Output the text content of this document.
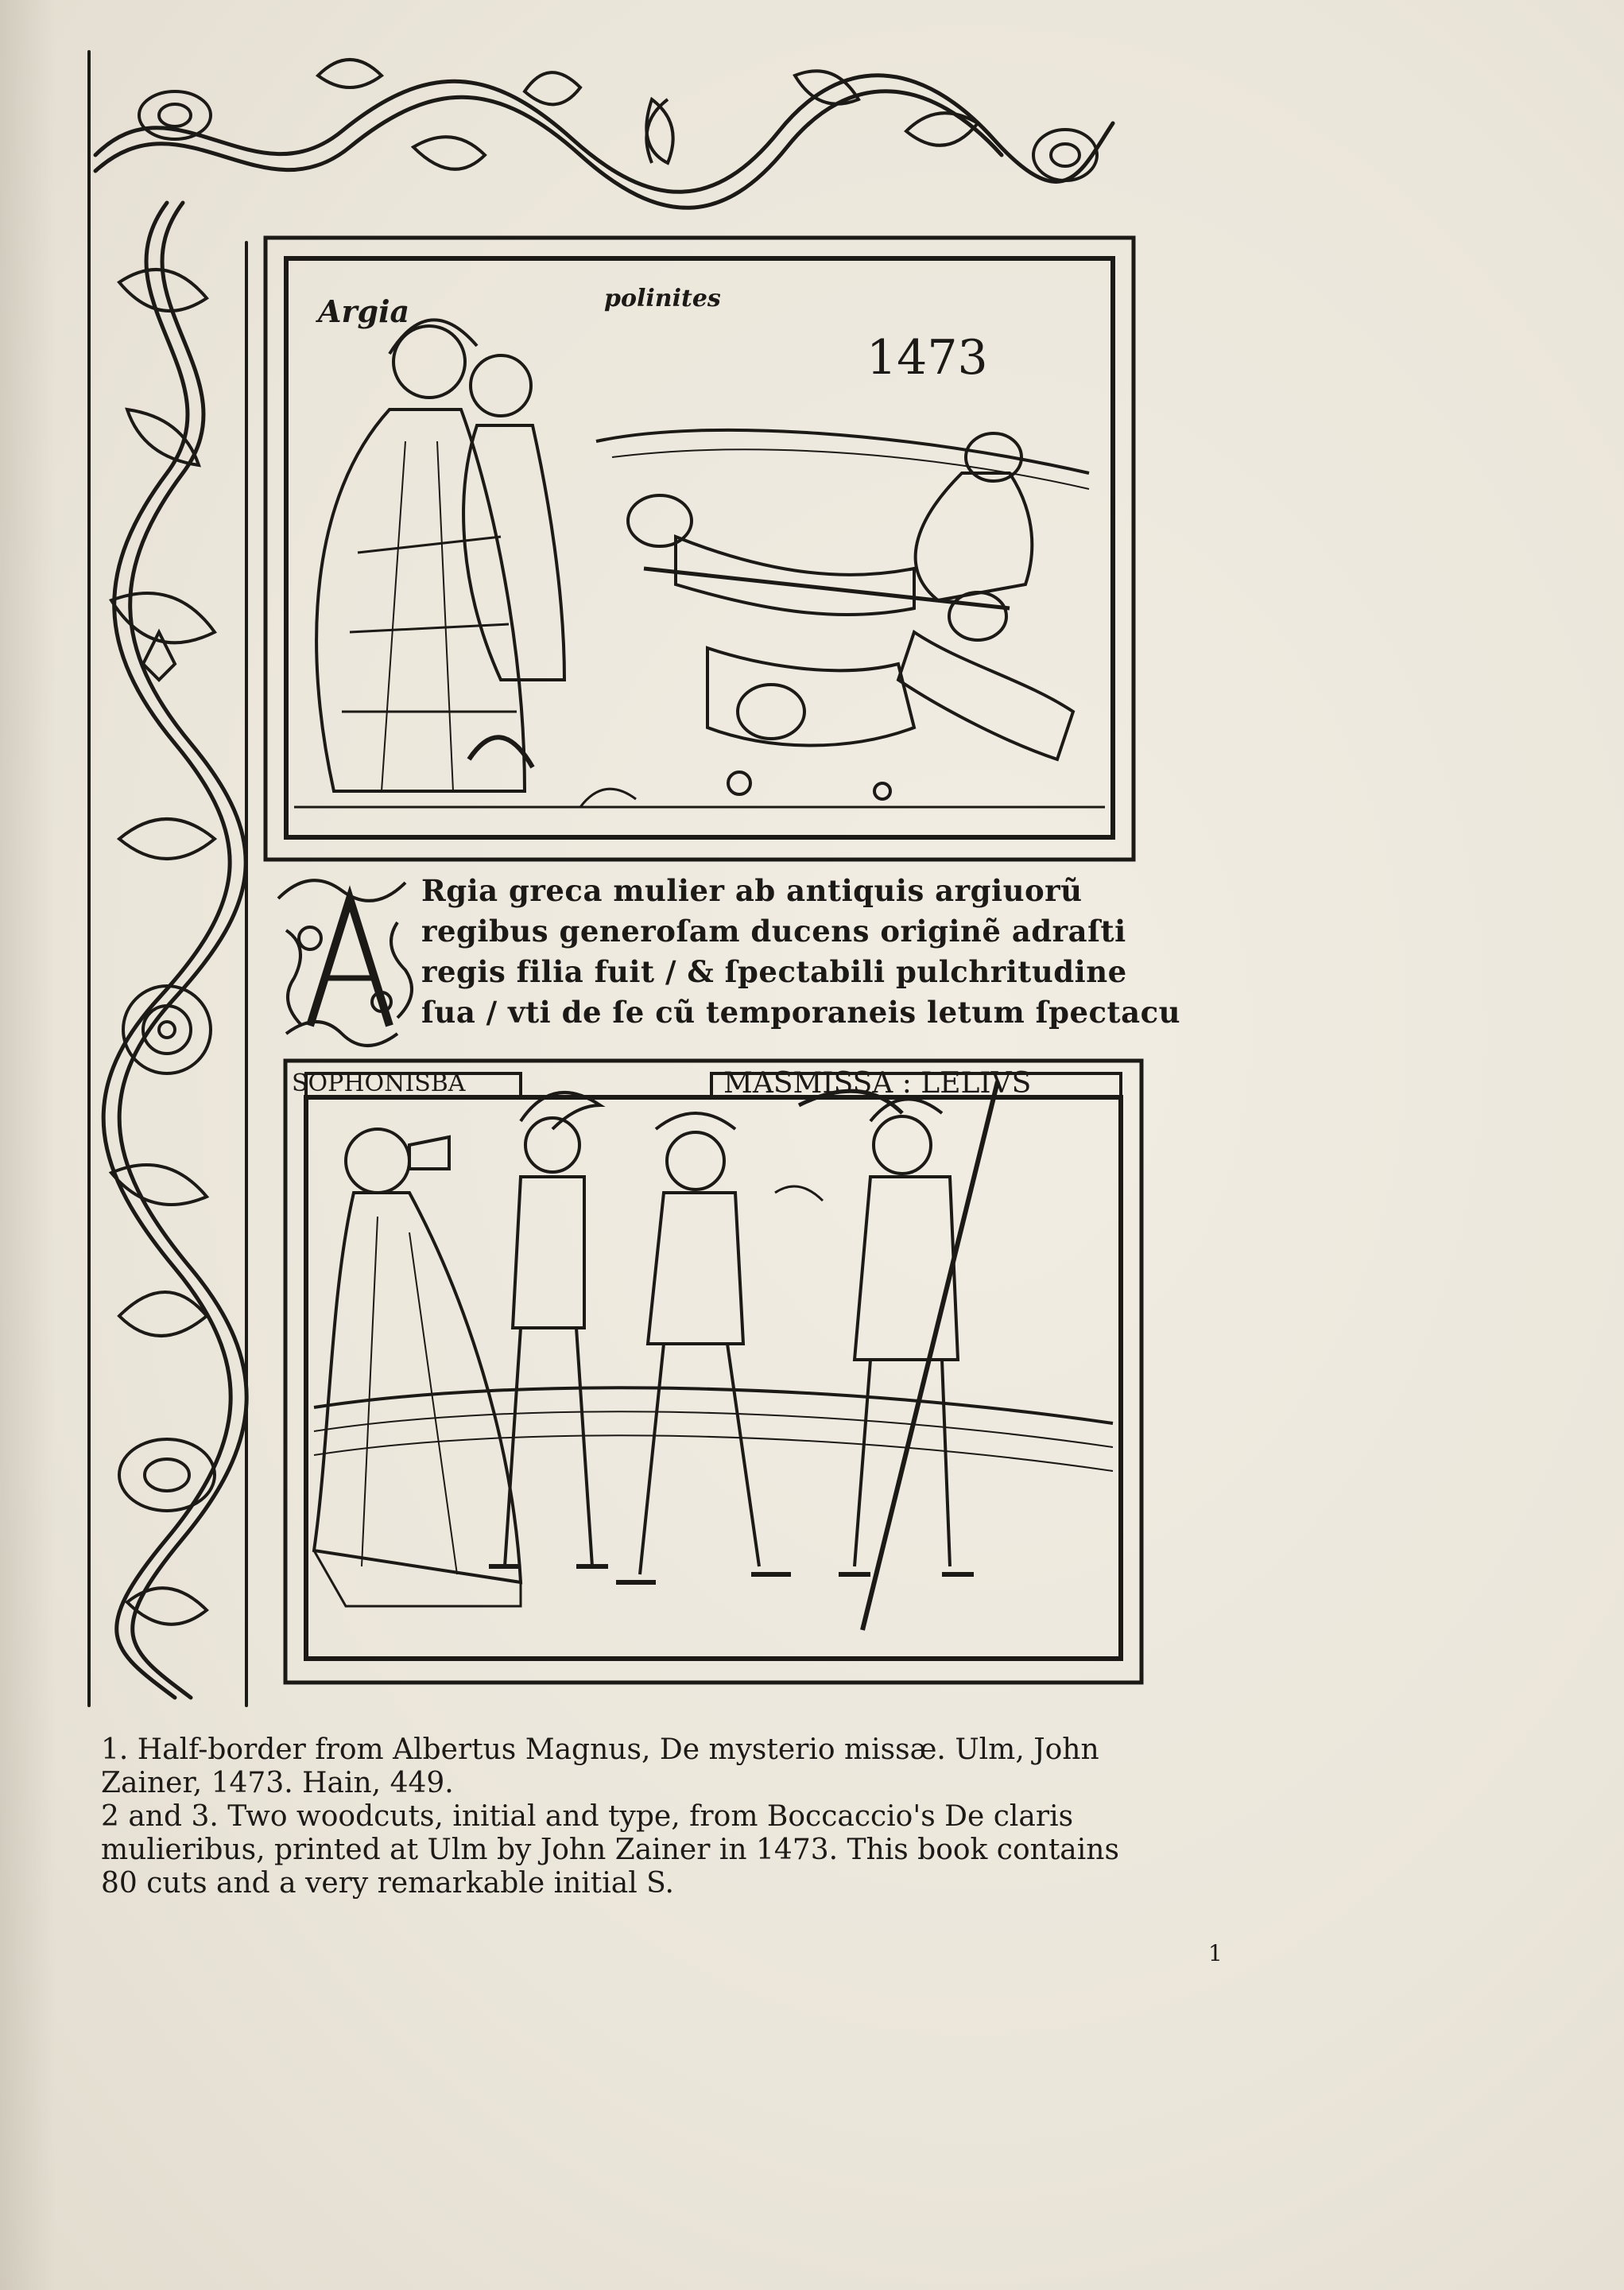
Argia	polinites
1473
Rgia greca mulier ab antiquis argiuorũ
regibus generoſam ducens originẽ adraſti
regis filia fuit / & ſpectabili pulchritudine
ſua / vti de ſe cũ temporaneis letum ſpectacu
SOPHONISBA	MASMISSA : LELIVS

1. Half-border from Albertus Magnus, De mysterio missæ. Ulm, John Zainer, 1473. Hain, 449.

2 and 3. Two woodcuts, initial and type, from Boccaccio's De claris mulieribus, printed at Ulm by John Zainer in 1473. This book contains 80 cuts and a very remarkable initial S.

1
